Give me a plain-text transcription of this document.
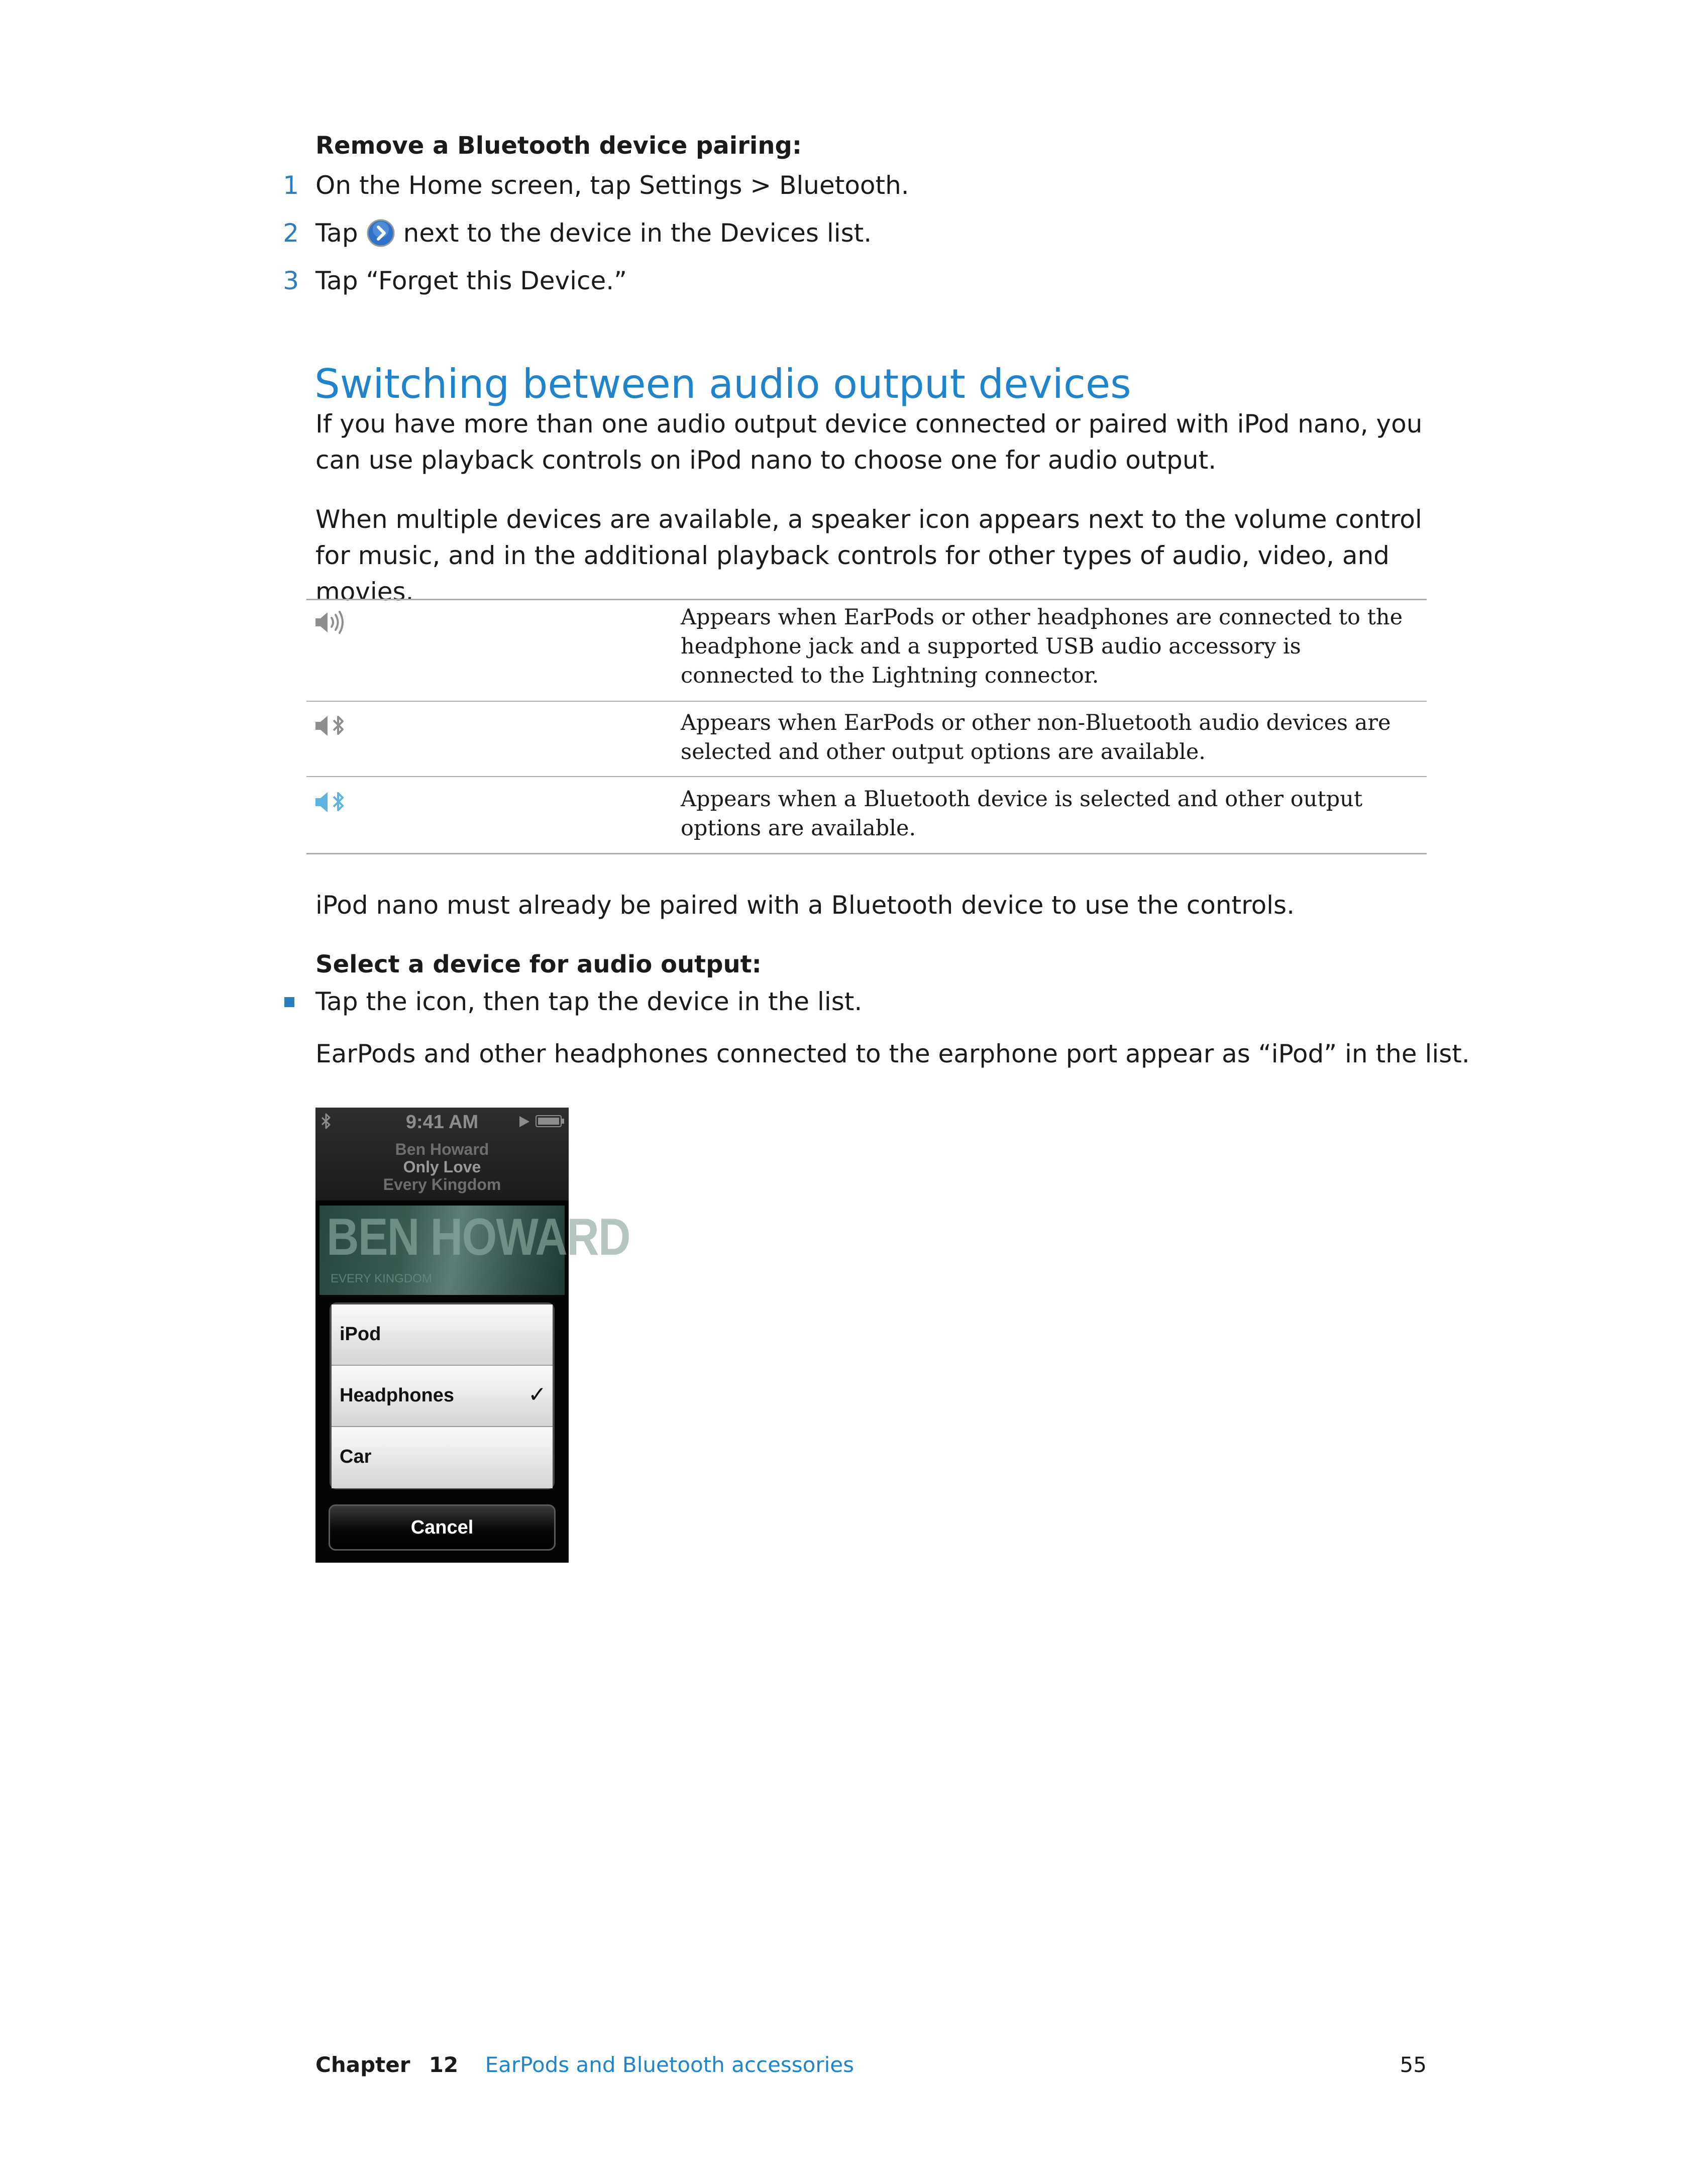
Remove a Bluetooth device pairing:
1 On the Home screen, tap Settings > Bluetooth.
2 Tap next to the device in the Devices list.
3 Tap “Forget this Device.”
Switching between audio output devices
If you have more than one audio output device connected or paired with iPod nano, you can use playback controls on iPod nano to choose one for audio output.
When multiple devices are available, a speaker icon appears next to the volume control for music, and in the additional playback controls for other types of audio, video, and movies.
Appears when EarPods or other headphones are connected to the headphone jack and a supported USB audio accessory is connected to the Lightning connector.
Appears when EarPods or other non-Bluetooth audio devices are selected and other output options are available.
Appears when a Bluetooth device is selected and other output options are available.
iPod nano must already be paired with a Bluetooth device to use the controls.
Select a device for audio output:
Tap the icon, then tap the device in the list.
EarPods and other headphones connected to the earphone port appear as “iPod” in the list.
9:41 AM
Ben Howard
Only Love
Every Kingdom
BEN HOWARD
EVERY KINGDOM
iPod
Headphones	✓
Car
Cancel
Chapter 12 EarPods and Bluetooth accessories	55
